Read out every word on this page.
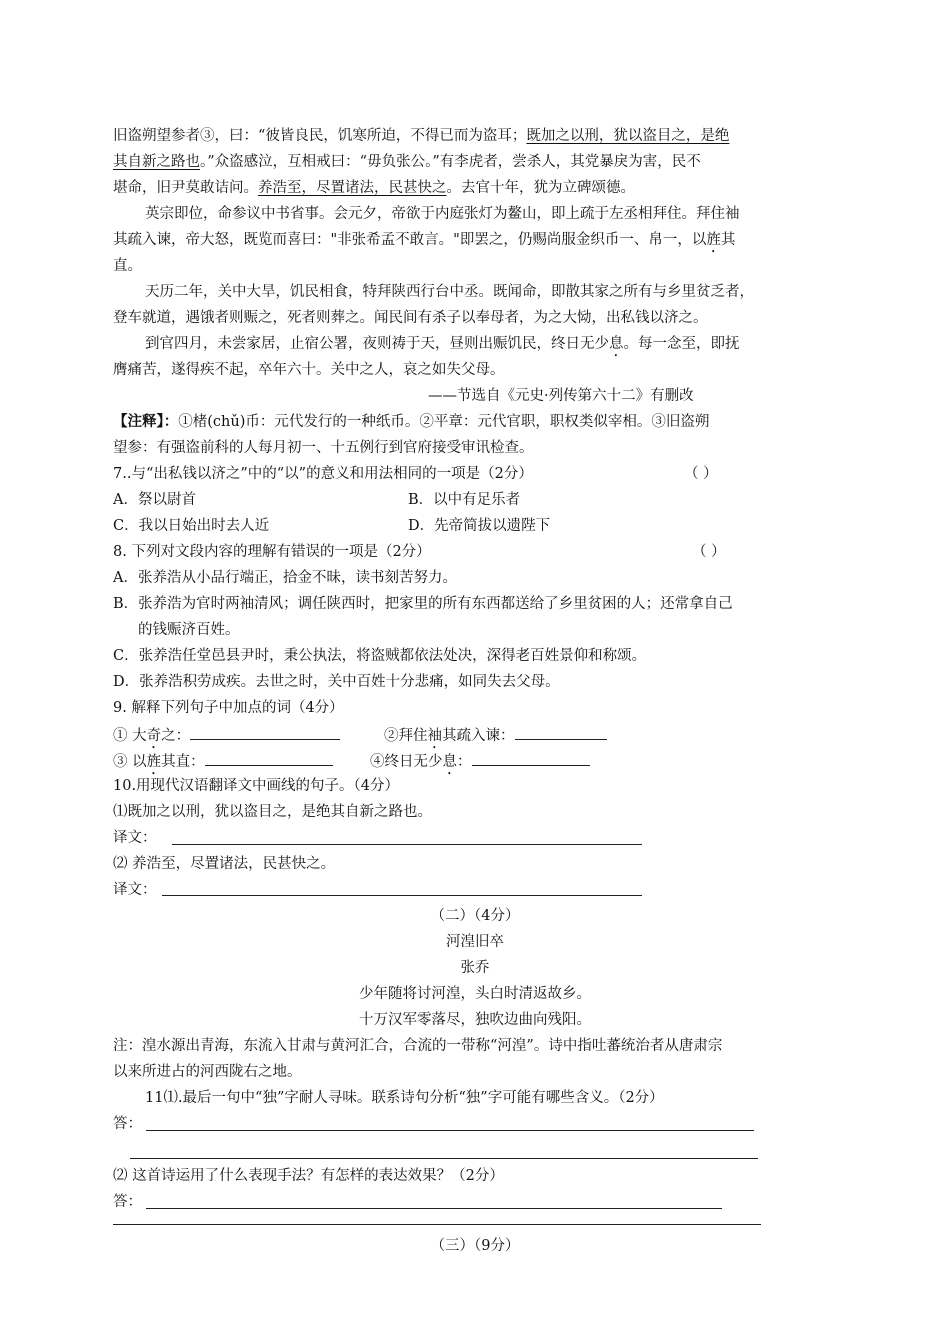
旧盗朔望参者③，曰：“彼皆良民，饥寒所迫，不得已而为盗耳；既加之以刑，犹以盗目之，是绝
其自新之路也。”众盗感泣，互相戒曰：“毋负张公。”有李虎者，尝杀人，其党暴戾为害，民不
堪命，旧尹莫敢诘问。养浩至，尽置诸法，民甚快之。去官十年，犹为立碑颂德。
英宗即位，命参议中书省事。会元夕，帝欲于内庭张灯为鳌山，即上疏于左丞相拜住。拜住袖
其疏入谏，帝大怒，既览而喜曰："非张希孟不敢言。"即罢之，仍赐尚服金织币一、帛一，以旌其
直。
天历二年，关中大旱，饥民相食，特拜陕西行台中丞。既闻命，即散其家之所有与乡里贫乏者，
登车就道，遇饿者则赈之，死者则葬之。闻民间有杀子以奉母者，为之大恸，出私钱以济之。
到官四月，未尝家居，止宿公署，夜则祷于天，昼则出赈饥民，终日无少息。每一念至，即抚
膺痛苦，遂得疾不起，卒年六十。关中之人，哀之如失父母。
——节选自《元史·列传第六十二》有删改
【注释】：①楮(chǔ)币：元代发行的一种纸币。②平章：元代官职，职权类似宰相。③旧盗朔
望参：有强盗前科的人每月初一、十五例行到官府接受审讯检查。
7..与“出私钱以济之”中的“以”的意义和用法相同的一项是（2分）	（ ）
A．祭以尉首	B．以中有足乐者
C．我以日始出时去人近	D．先帝简拔以遗陛下
8. 下列对文段内容的理解有错误的一项是（2分）	（ ）
A．张养浩从小品行端正，拾金不昧，读书刻苦努力。
B．张养浩为官时两袖清风；调任陕西时，把家里的所有东西都送给了乡里贫困的人；还常拿自己
的钱赈济百姓。
C．张养浩任堂邑县尹时，秉公执法，将盗贼都依法处决，深得老百姓景仰和称颂。
D．张养浩积劳成疾。去世之时，关中百姓十分悲痛，如同失去父母。
9. 解释下列句子中加点的词（4分）
① 大奇之：	②拜住袖其疏入谏：
③ 以旌其直：	④终日无少息：
10.用现代汉语翻译文中画线的句子。（4分）
⑴既加之以刑，犹以盗目之，是绝其自新之路也。
译文：
⑵ 养浩至，尽置诸法，民甚快之。
译文：
（二）（4分）
河湟旧卒
张乔
少年随将讨河湟，头白时清返故乡。
十万汉军零落尽，独吹边曲向残阳。
注：湟水源出青海，东流入甘肃与黄河汇合，合流的一带称“河湟”。诗中指吐蕃统治者从唐肃宗
以来所进占的河西陇右之地。
11⑴.最后一句中“独”字耐人寻味。联系诗句分析“独”字可能有哪些含义。（2分）
答：
⑵ 这首诗运用了什么表现手法？有怎样的表达效果？（2分）
答：
（三）（9分）
